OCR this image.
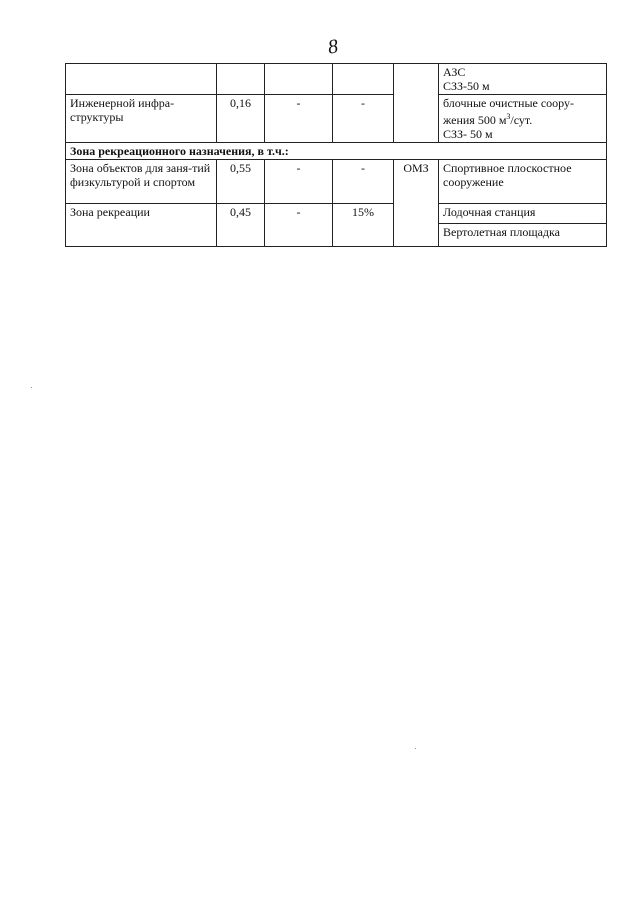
8

					АЗС
СЗЗ-50 м

Инженерной инфра-структуры	0,16	-	-		блочные очистные соору-жения 500 $м^3$/сут.
СЗЗ- 50 м

Зона рекреационного назначения, в т.ч.:					
Зона объектов для заня-тий физкультурой и спортом	0,55	-	-	ОМЗ	Спортивное плоскостное сооружение
Зона рекреации	0,45	-	15%		Лодочная станция
					Вертолетная площадка
